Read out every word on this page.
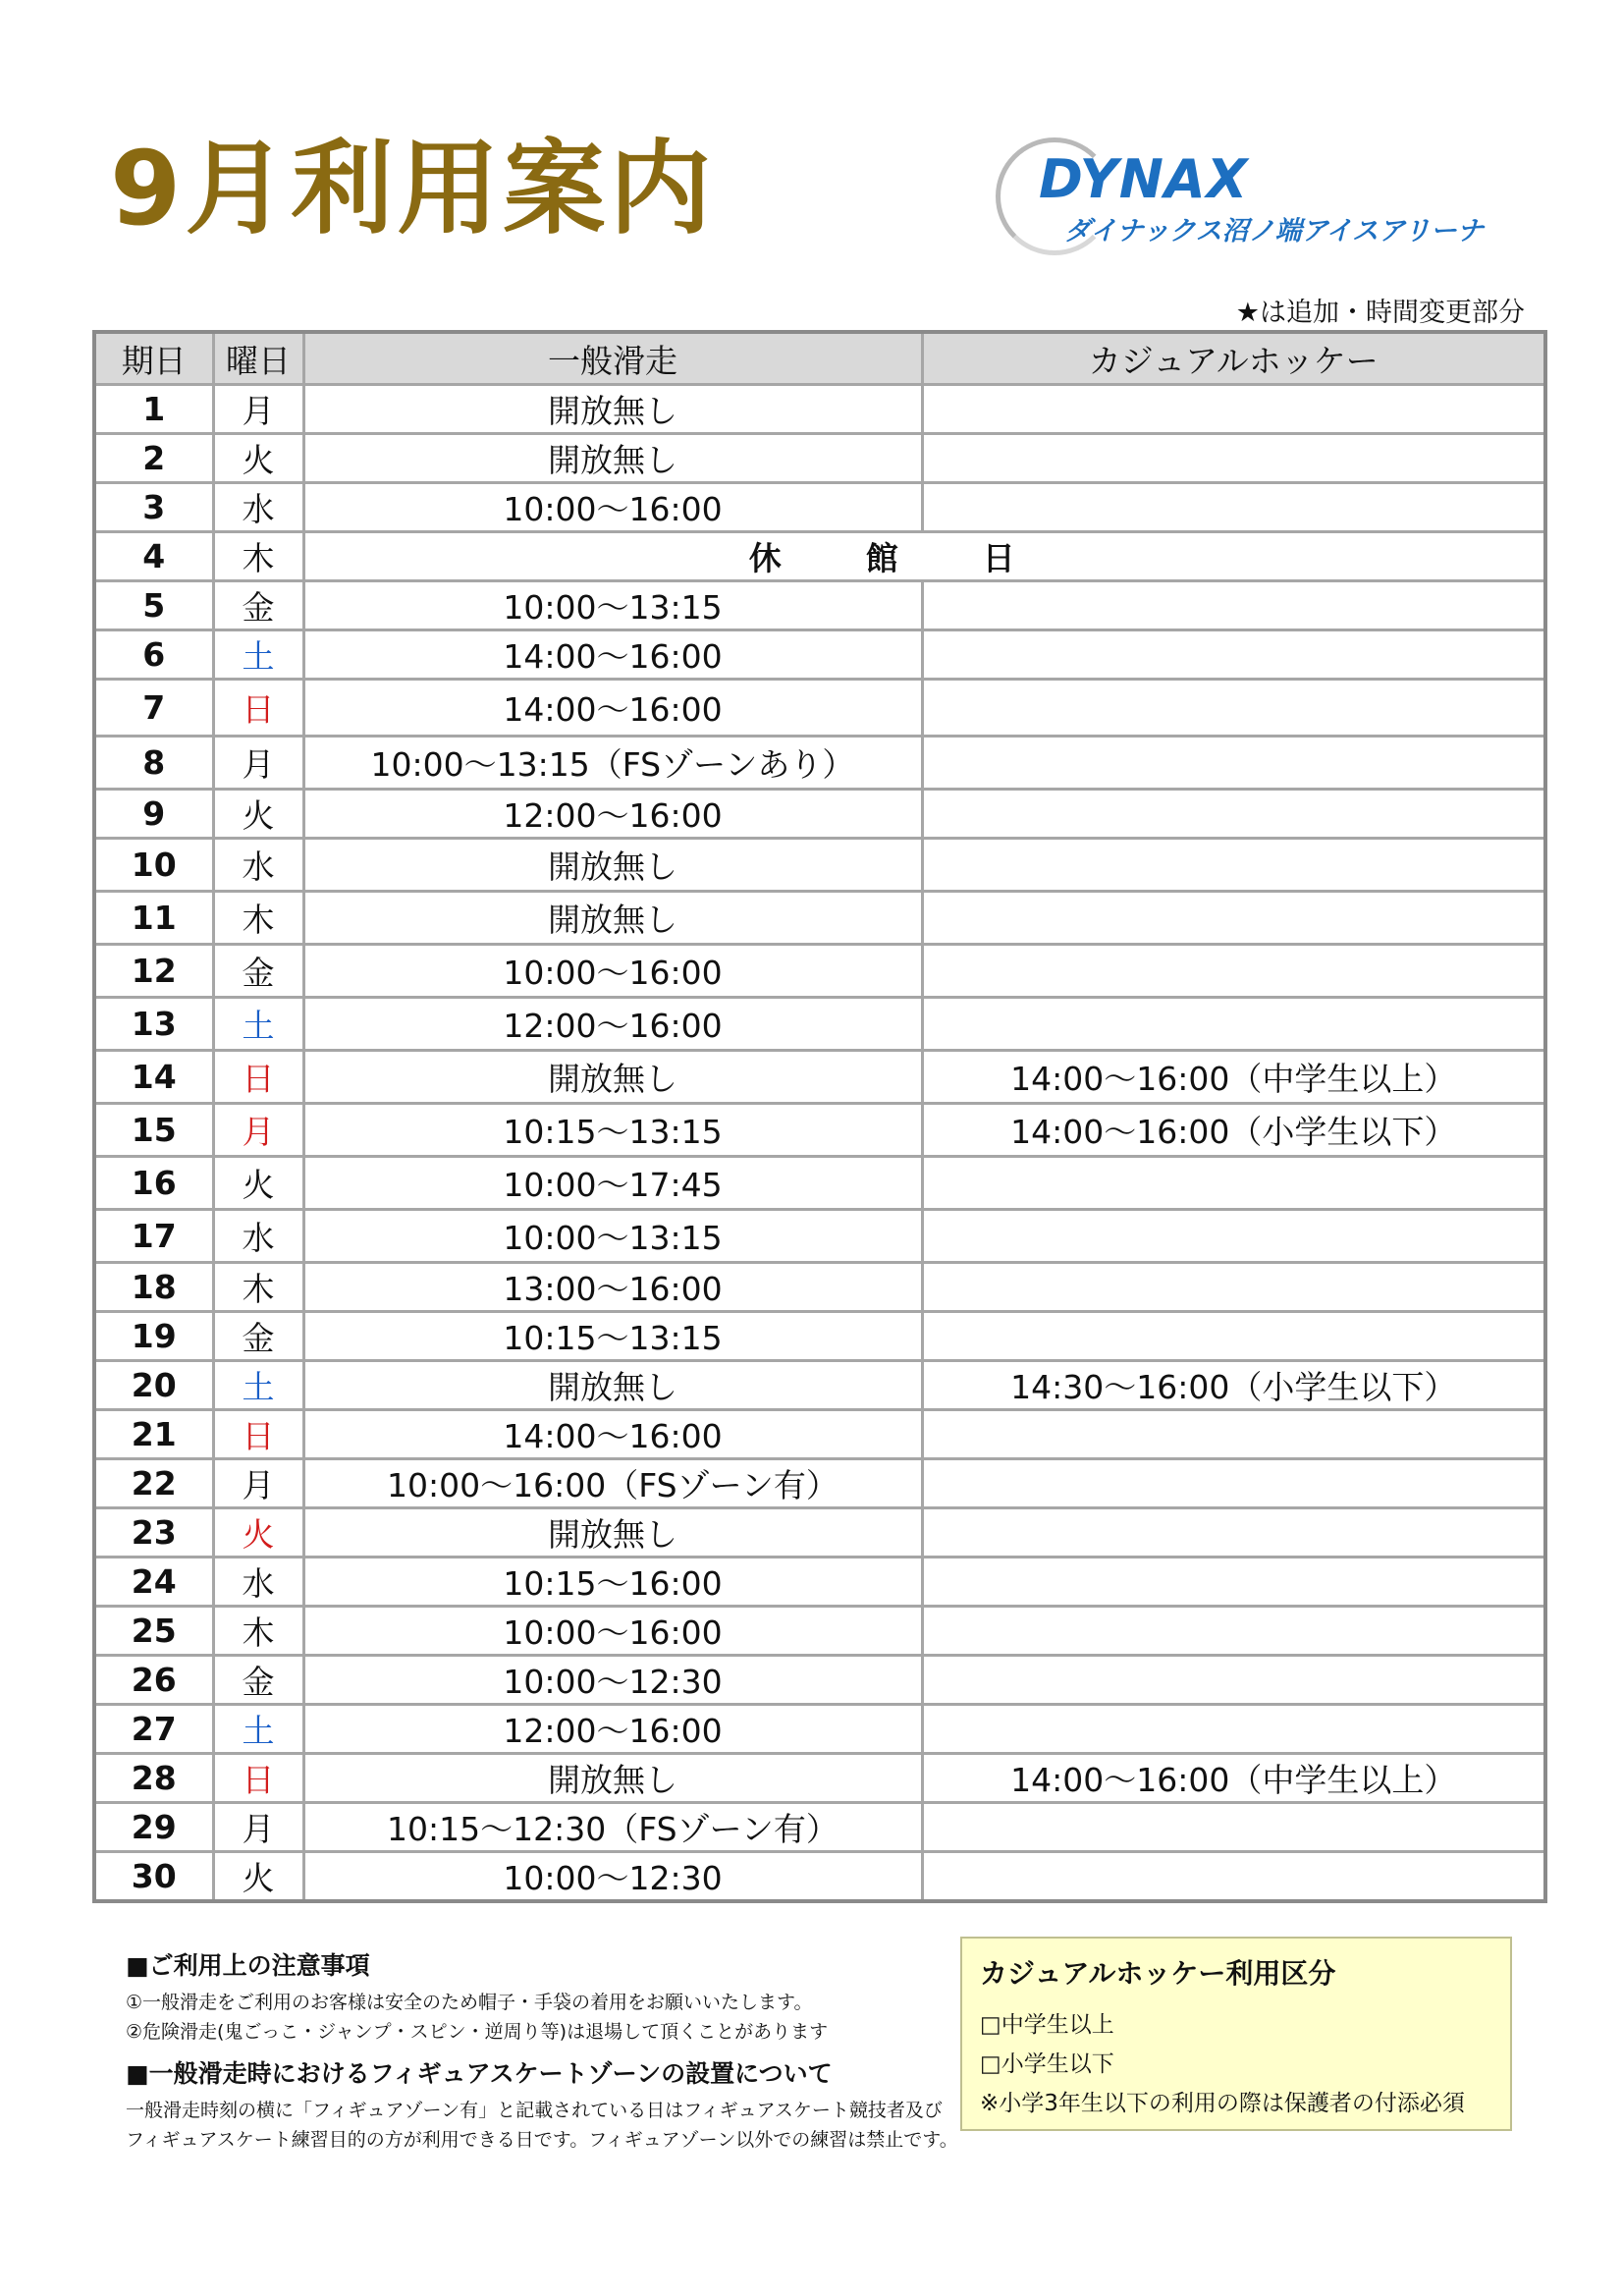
9月利用案内	DYNAX
ダイナックス沼ノ端アイスアリーナ
★は追加・時間変更部分
期日	曜日	一般滑走	カジュアルホッケー
1	月	開放無し	
2	火	開放無し	
3	水	10:00～16:00	
4	木	休館日	
5	金	10:00～13:15	
6	土	14:00～16:00	
7	日	14:00～16:00	
8	月	10:00～13:15（FSゾーンあり）	
9	火	12:00～16:00	
10	水	開放無し	
11	木	開放無し	
12	金	10:00～16:00	
13	土	12:00～16:00	
14	日	開放無し	14:00～16:00（中学生以上）
15	月	10:15～13:15	14:00～16:00（小学生以下）
16	火	10:00～17:45	
17	水	10:00～13:15	
18	木	13:00～16:00	
19	金	10:15～13:15	
20	土	開放無し	14:30～16:00（小学生以下）
21	日	14:00～16:00	
22	月	10:00～16:00（FSゾーン有）	
23	火	開放無し	
24	水	10:15～16:00	
25	木	10:00～16:00	
26	金	10:00～12:30	
27	土	12:00～16:00	
28	日	開放無し	14:00～16:00（中学生以上）
29	月	10:15～12:30（FSゾーン有）	
30	火	10:00～12:30	

■ご利用上の注意事項

①一般滑走をご利用のお客様は安全のため帽子・手袋の着用をお願いいたします。

②危険滑走(鬼ごっこ・ジャンプ・スピン・逆周り等)は退場して頂くことがあります

■一般滑走時におけるフィギュアスケートゾーンの設置について

一般滑走時刻の横に「フィギュアゾーン有」と記載されている日はフィギュアスケート競技者及び

フィギュアスケート練習目的の方が利用できる日です。フィギュアゾーン以外での練習は禁止です。

カジュアルホッケー利用区分
□中学生以上
□小学生以下
※小学3年生以下の利用の際は保護者の付添必須
